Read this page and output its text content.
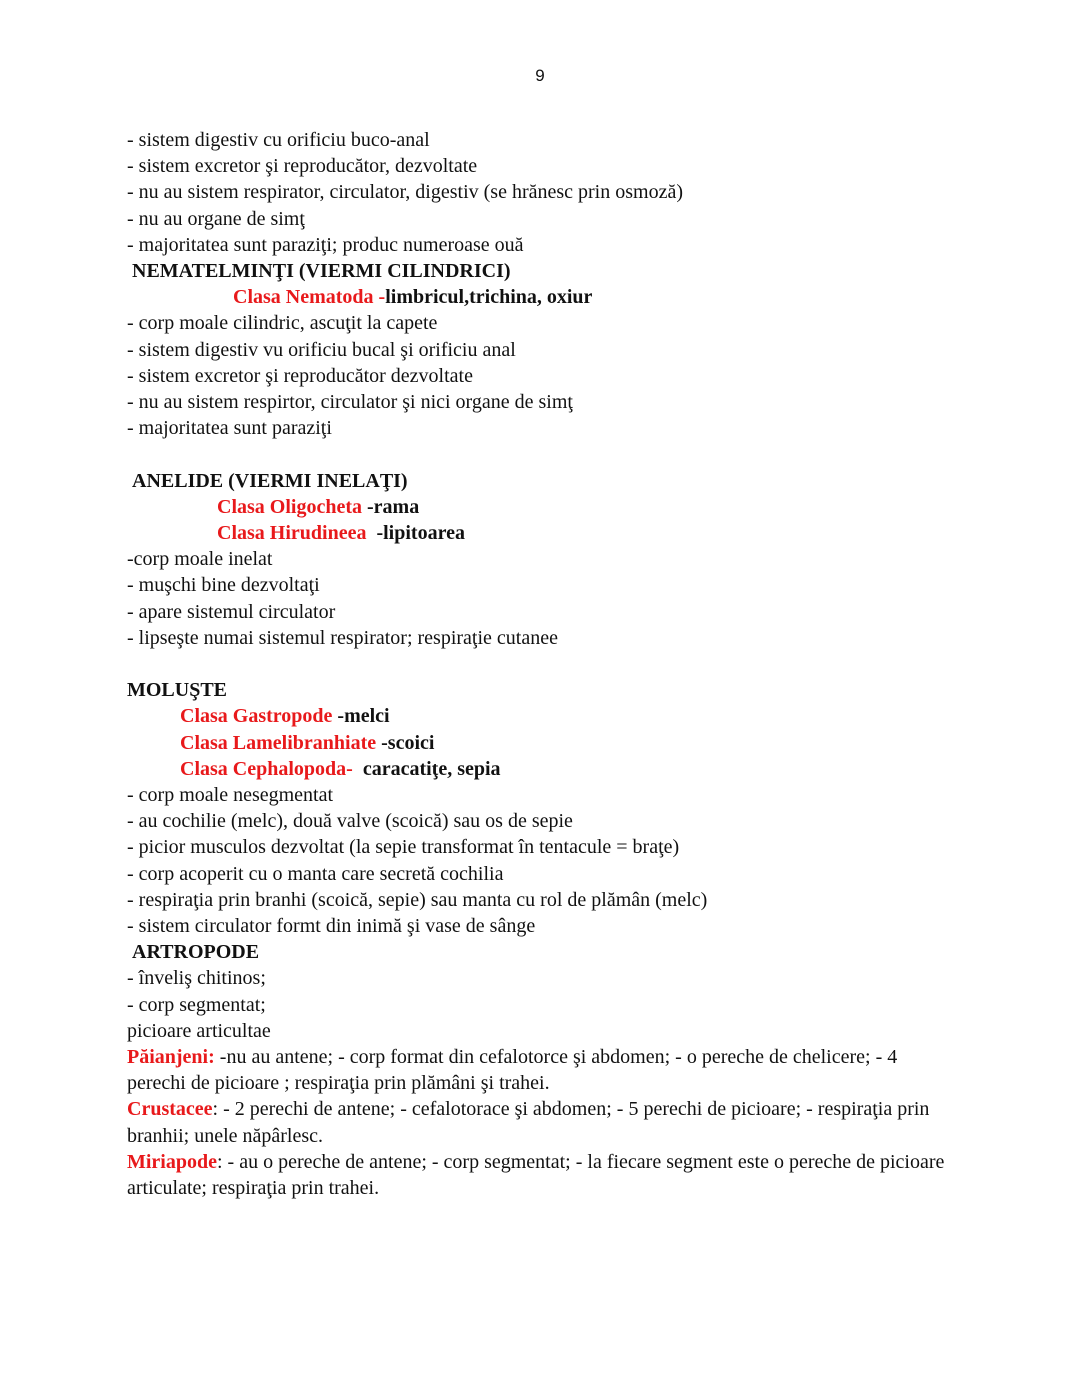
9
- sistem digestiv cu orificiu buco-anal
- sistem excretor şi reproducător, dezvoltate
- nu au sistem respirator, circulator, digestiv (se hrănesc prin osmoză)
- nu au organe de simţ
- majoritatea sunt paraziţi; produc numeroase ouă
NEMATELMINŢI (VIERMI CILINDRICI)
Clasa Nematoda -limbricul,trichina, oxiur
- corp moale cilindric, ascuţit la capete
- sistem digestiv vu orificiu bucal şi orificiu anal
- sistem excretor şi reproducător dezvoltate
- nu au sistem respirtor, circulator şi nici organe de simţ
- majoritatea sunt paraziţi
ANELIDE (VIERMI INELAŢI)
Clasa Oligocheta -rama
Clasa Hirudineea  -lipitoarea
-corp moale inelat
- muşchi bine dezvoltaţi
- apare sistemul circulator
- lipseşte numai sistemul respirator; respiraţie cutanee
MOLUŞTE
Clasa Gastropode -melci
Clasa Lamelibranhiate -scoici
Clasa Cephalopoda-  caracatiţe, sepia
- corp moale nesegmentat
- au cochilie (melc), două valve (scoică) sau os de sepie
- picior musculos dezvoltat (la sepie transformat în tentacule = braţe)
- corp acoperit cu o manta care secretă cochilia
- respiraţia prin branhi (scoică, sepie) sau manta cu rol de plămân (melc)
- sistem circulator formt din inimă şi vase de sânge
ARTROPODE
- înveliş chitinos;
- corp segmentat;
picioare articultae
Păianjeni: -nu au antene; - corp format din cefalotorce şi abdomen; - o pereche de chelicere; - 4 perechi de picioare ; respiraţia prin plămâni şi trahei.
Crustacee: - 2 perechi de antene; - cefalotorace şi abdomen; - 5 perechi de picioare; - respiraţia prin branhii; unele năpârlesc.
Miriapode: - au o pereche de antene; - corp segmentat; - la fiecare segment este o pereche de picioare articulate; respiraţia prin trahei.
